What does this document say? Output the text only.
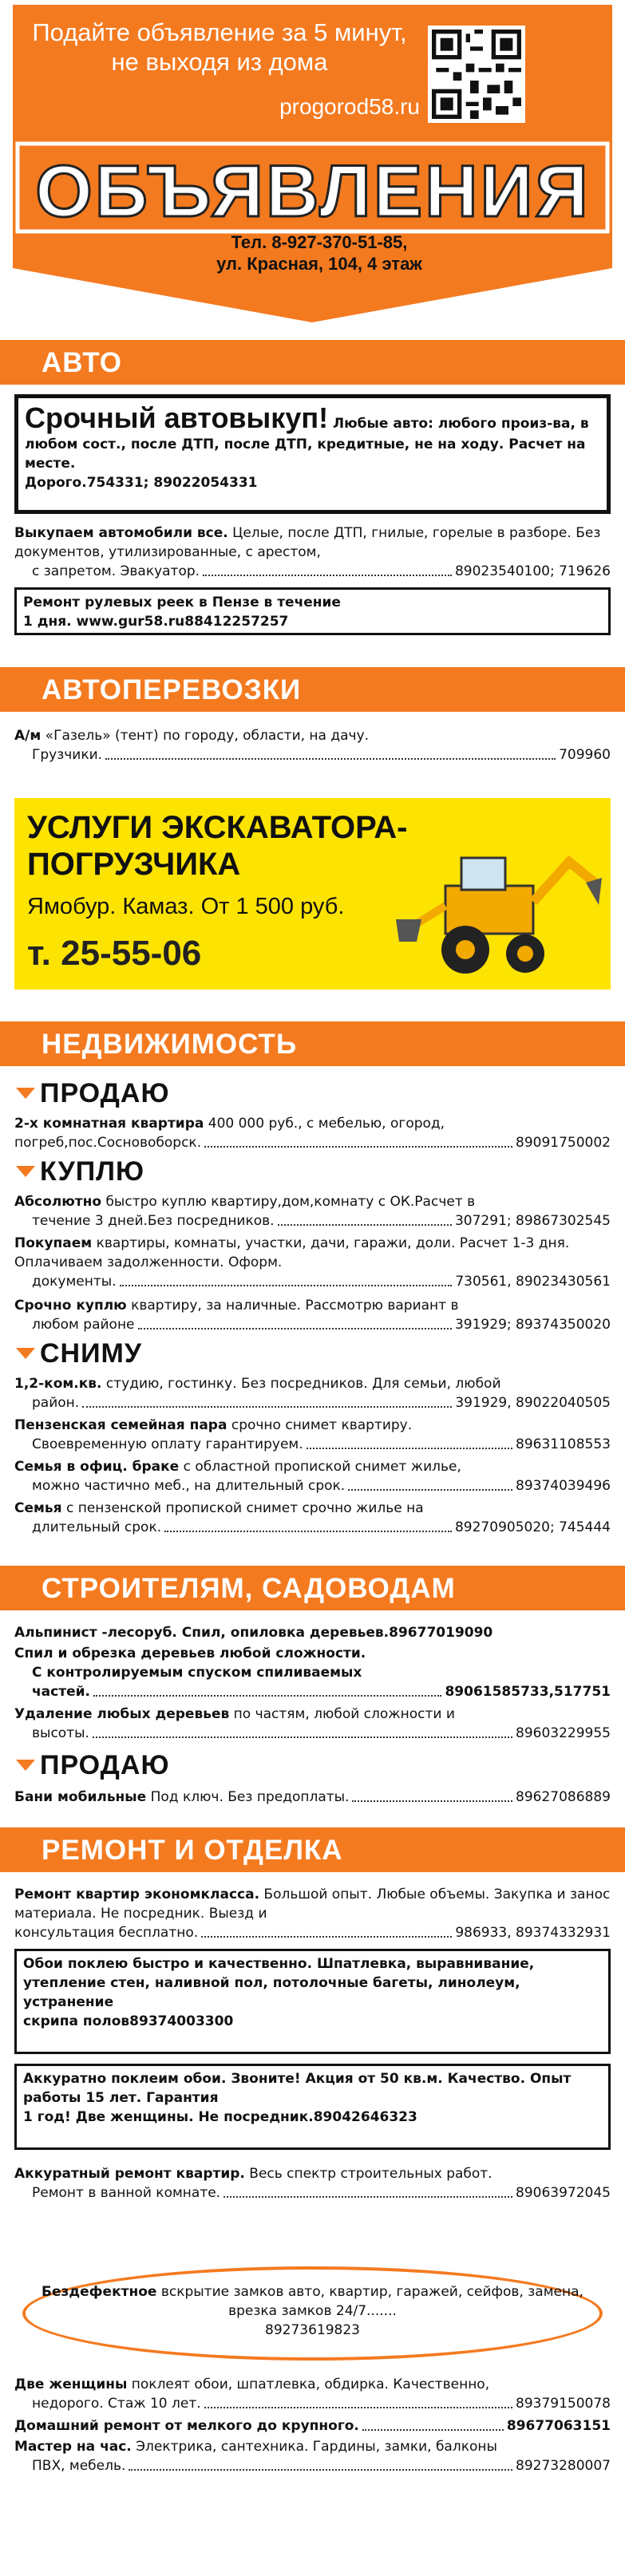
Подайте объявление за 5 минут, не выходя из дома
progorod58.ru
ОБЪЯВЛЕНИЯ
Тел. 8-927-370-51-85,
ул. Красная, 104, 4 этаж
АВТО
Срочный автовыкуп! Любые авто: любого произ-ва, в любом сост., после ДТП, после ДТП, кредитные, не на ходу. Расчет на месте.
Дорого.754331; 89022054331
Выкупаем автомобили все. Целые, после ДТП, гнилые, горелые в разборе. Без документов, утилизированные, с арестом,
с запретом. Эвакуатор.	89023540100; 719626
Ремонт рулевых реек в Пензе в течение
1 дня. www.gur58.ru88412257257
АВТОПЕРЕВОЗКИ
А/м «Газель» (тент) по городу, области, на дачу.
Грузчики.	709960
УСЛУГИ ЭКСКАВАТОРА-
ПОГРУЗЧИКА
Ямобур. Камаз. От 1 500 руб.
т. 25-55-06
НЕДВИЖИМОСТЬ
ПРОДАЮ
2-х комнатная квартира 400 000 руб., с мебелью, огород,
погреб,пос.Сосновоборск.	89091750002
КУПЛЮ
Абсолютно быстро куплю квартиру,дом,комнату с ОК.Расчет в
течение 3 дней.Без посредников.	307291; 89867302545
Покупаем квартиры, комнаты, участки, дачи, гаражи, доли. Расчет 1-3 дня. Оплачиваем задолженности. Оформ.
документы.	730561, 89023430561
Срочно куплю квартиру, за наличные. Рассмотрю вариант в
любом районе	391929; 89374350020
СНИМУ
1,2-ком.кв. студию, гостинку. Без посредников. Для семьи, любой
район.	391929, 89022040505
Пензенская семейная пара срочно снимет квартиру.
Своевременную оплату гарантируем.	89631108553
Семья в офиц. браке с областной пропиской снимет жилье,
можно частично меб., на длительный срок.	89374039496
Семья с пензенской пропиской снимет срочно жилье на
длительный срок.	89270905020; 745444
СТРОИТЕЛЯМ, САДОВОДАМ
Альпинист -лесоруб. Спил, опиловка деревьев. 89677019090
Спил и обрезка деревьев любой сложности.
С контролируемым спуском спиливаемых
частей.	89061585733,517751
Удаление любых деревьев по частям, любой сложности и
высоты.	89603229955
ПРОДАЮ
Бани мобильные
Под ключ. Без предоплаты.	89627086889
РЕМОНТ И ОТДЕЛКА
Ремонт квартир экономкласса. Большой опыт. Любые объемы. Закупка и занос материала. Не посредник. Выезд и
консультация бесплатно.	986933, 89374332931
Обои поклею быстро и качественно. Шпатлевка, выравнивание, утепление стен, наливной пол, потолочные багеты, линолеум, устранение
скрипа полов89374003300
Аккуратно поклеим обои. Звоните! Акция от 50 кв.м. Качество. Опыт работы 15 лет. Гарантия
1 год! Две женщины. Не посредник.89042646323
Аккуратный ремонт квартир. Весь спектр строительных работ.
Ремонт в ванной комнате.	89063972045
Бездефектное вскрытие замков авто, квартир, гаражей, сейфов, замена, врезка замков 24/7.......
89273619823
Две женщины поклеят обои, шпатлевка, обдирка. Качественно,
недорого. Стаж 10 лет.	89379150078
Домашний ремонт от мелкого до крупного.	89677063151
Мастер на час. Электрика, сантехника. Гардины, замки, балконы
ПВХ, мебель.	89273280007
